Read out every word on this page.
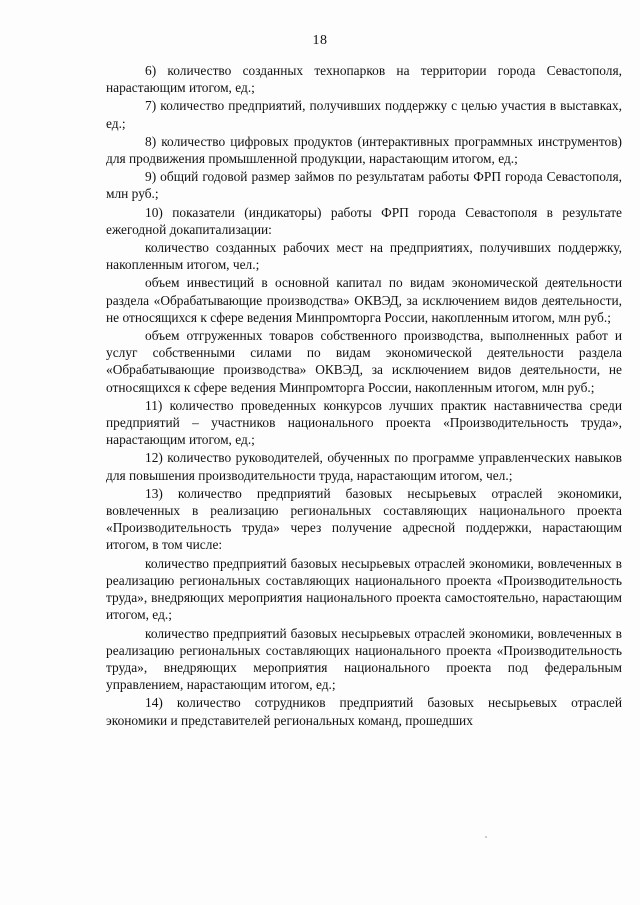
18

6) количество созданных технопарков на территории города Севастополя, нарастающим итогом, ед.;

7) количество предприятий, получивших поддержку с целью участия в выставках, ед.;

8) количество цифровых продуктов (интерактивных программных инструментов) для продвижения промышленной продукции, нарастающим итогом, ед.;

9) общий годовой размер займов по результатам работы ФРП города Севастополя, млн руб.;

10) показатели (индикаторы) работы ФРП города Севастополя в результате ежегодной докапитализации:

количество созданных рабочих мест на предприятиях, получивших поддержку, накопленным итогом, чел.;

объем инвестиций в основной капитал по видам экономической деятельности раздела «Обрабатывающие производства» ОКВЭД, за исключением видов деятельности, не относящихся к сфере ведения Минпромторга России, накопленным итогом, млн руб.;

объем отгруженных товаров собственного производства, выполненных работ и услуг собственными силами по видам экономической деятельности раздела «Обрабатывающие производства» ОКВЭД, за исключением видов деятельности, не относящихся к сфере ведения Минпромторга России, накопленным итогом, млн руб.;

11) количество проведенных конкурсов лучших практик наставничества среди предприятий – участников национального проекта «Производительность труда», нарастающим итогом, ед.;

12) количество руководителей, обученных по программе управленческих навыков для повышения производительности труда, нарастающим итогом, чел.;

13) количество предприятий базовых несырьевых отраслей экономики, вовлеченных в реализацию региональных составляющих национального проекта «Производительность труда» через получение адресной поддержки, нарастающим итогом, в том числе:

количество предприятий базовых несырьевых отраслей экономики, вовлеченных в реализацию региональных составляющих национального проекта «Производительность труда», внедряющих мероприятия национального проекта самостоятельно, нарастающим итогом, ед.;

количество предприятий базовых несырьевых отраслей экономики, вовлеченных в реализацию региональных составляющих национального проекта «Производительность труда», внедряющих мероприятия национального проекта под федеральным управлением, нарастающим итогом, ед.;

14) количество сотрудников предприятий базовых несырьевых отраслей экономики и представителей региональных команд, прошедших
